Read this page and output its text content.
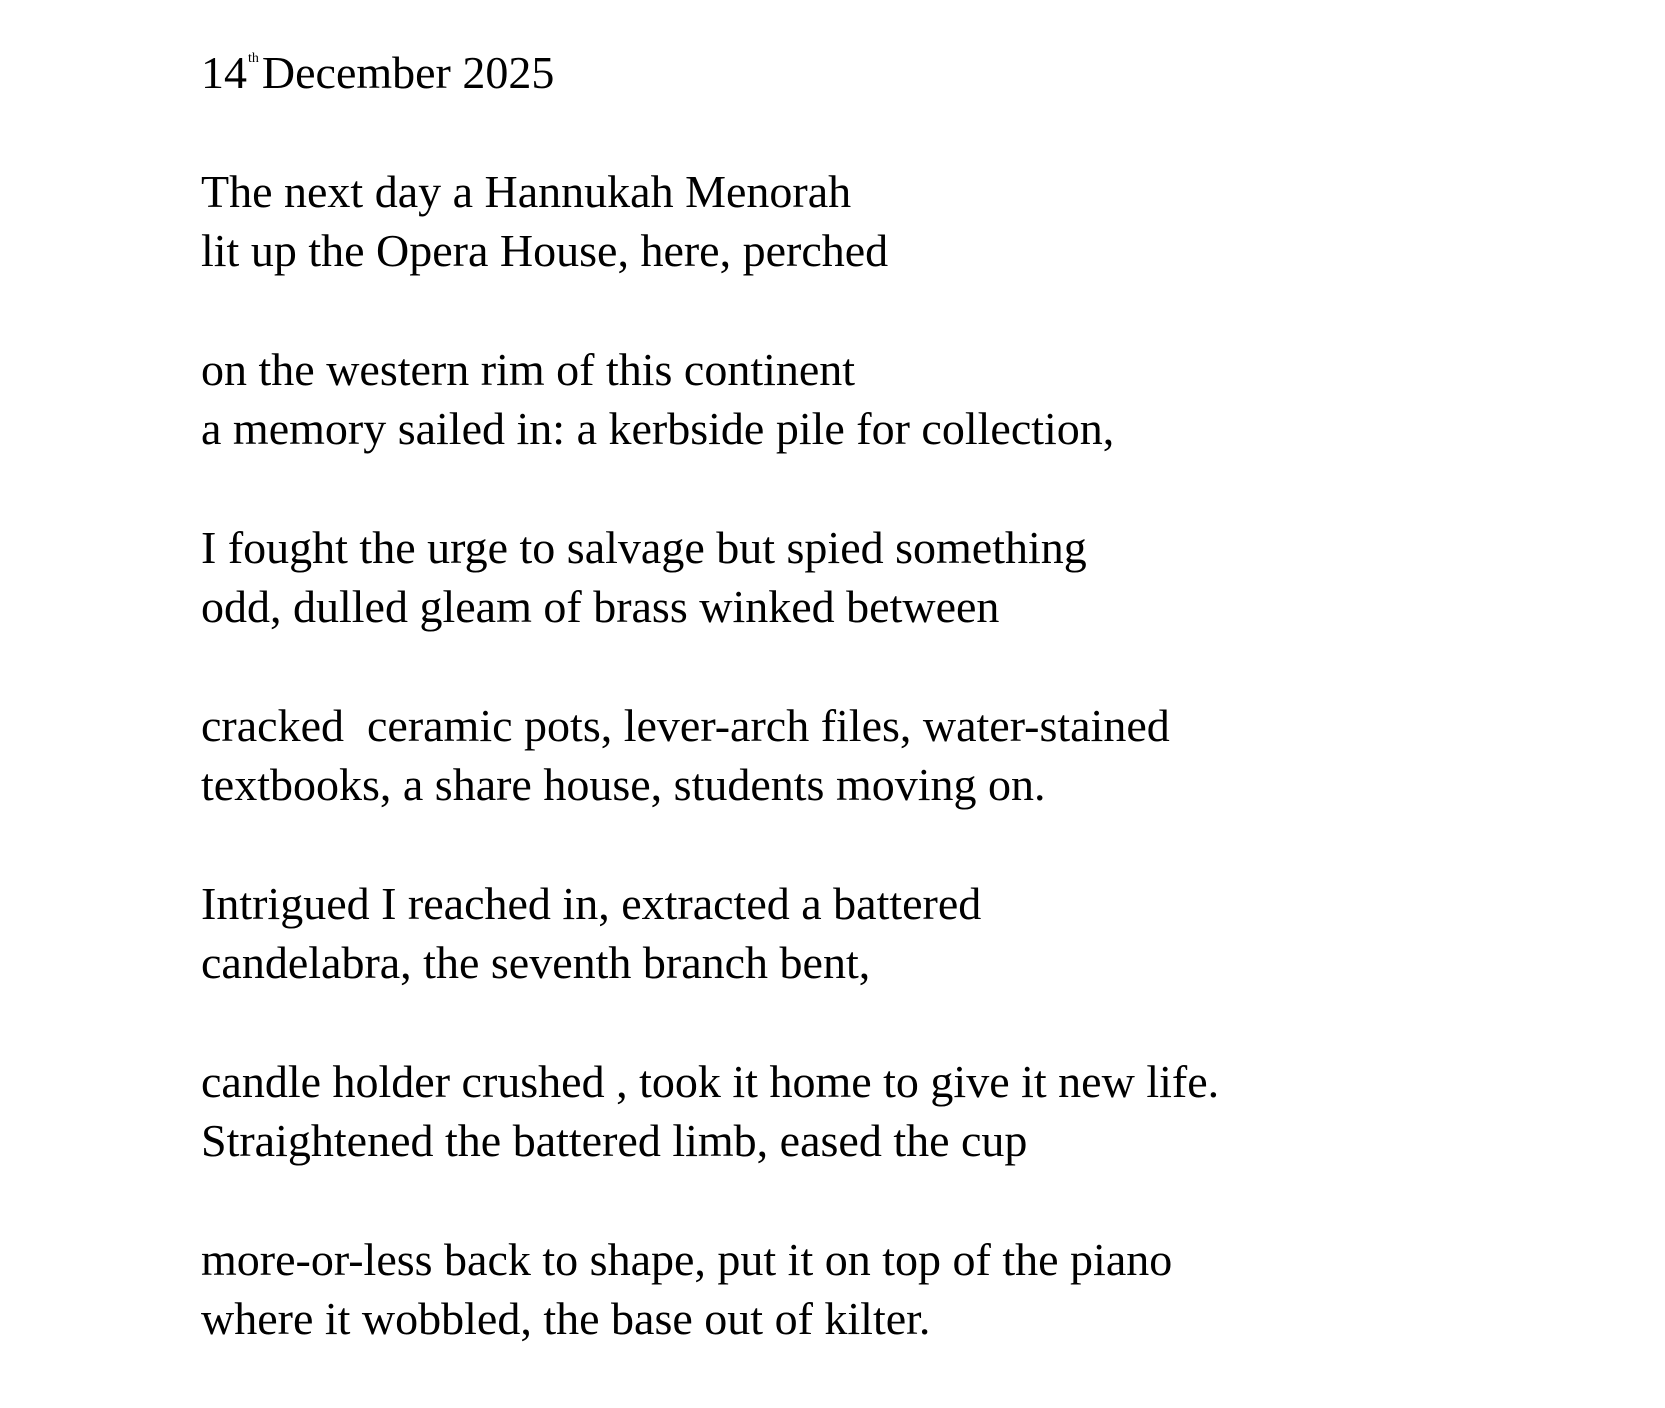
14thDecember 2025
The next day a Hannukah Menorah
lit up the Opera House, here, perched
on the western rim of this continent
a memory sailed in: a kerbside pile for collection,
I fought the urge to salvage but spied something
odd, dulled gleam of brass winked between
cracked  ceramic pots, lever-arch files, water-stained
textbooks, a share house, students moving on.
Intrigued I reached in, extracted a battered
candelabra, the seventh branch bent,
candle holder crushed , took it home to give it new life.
Straightened the battered limb, eased the cup
more-or-less back to shape, put it on top of the piano
where it wobbled, the base out of kilter.
